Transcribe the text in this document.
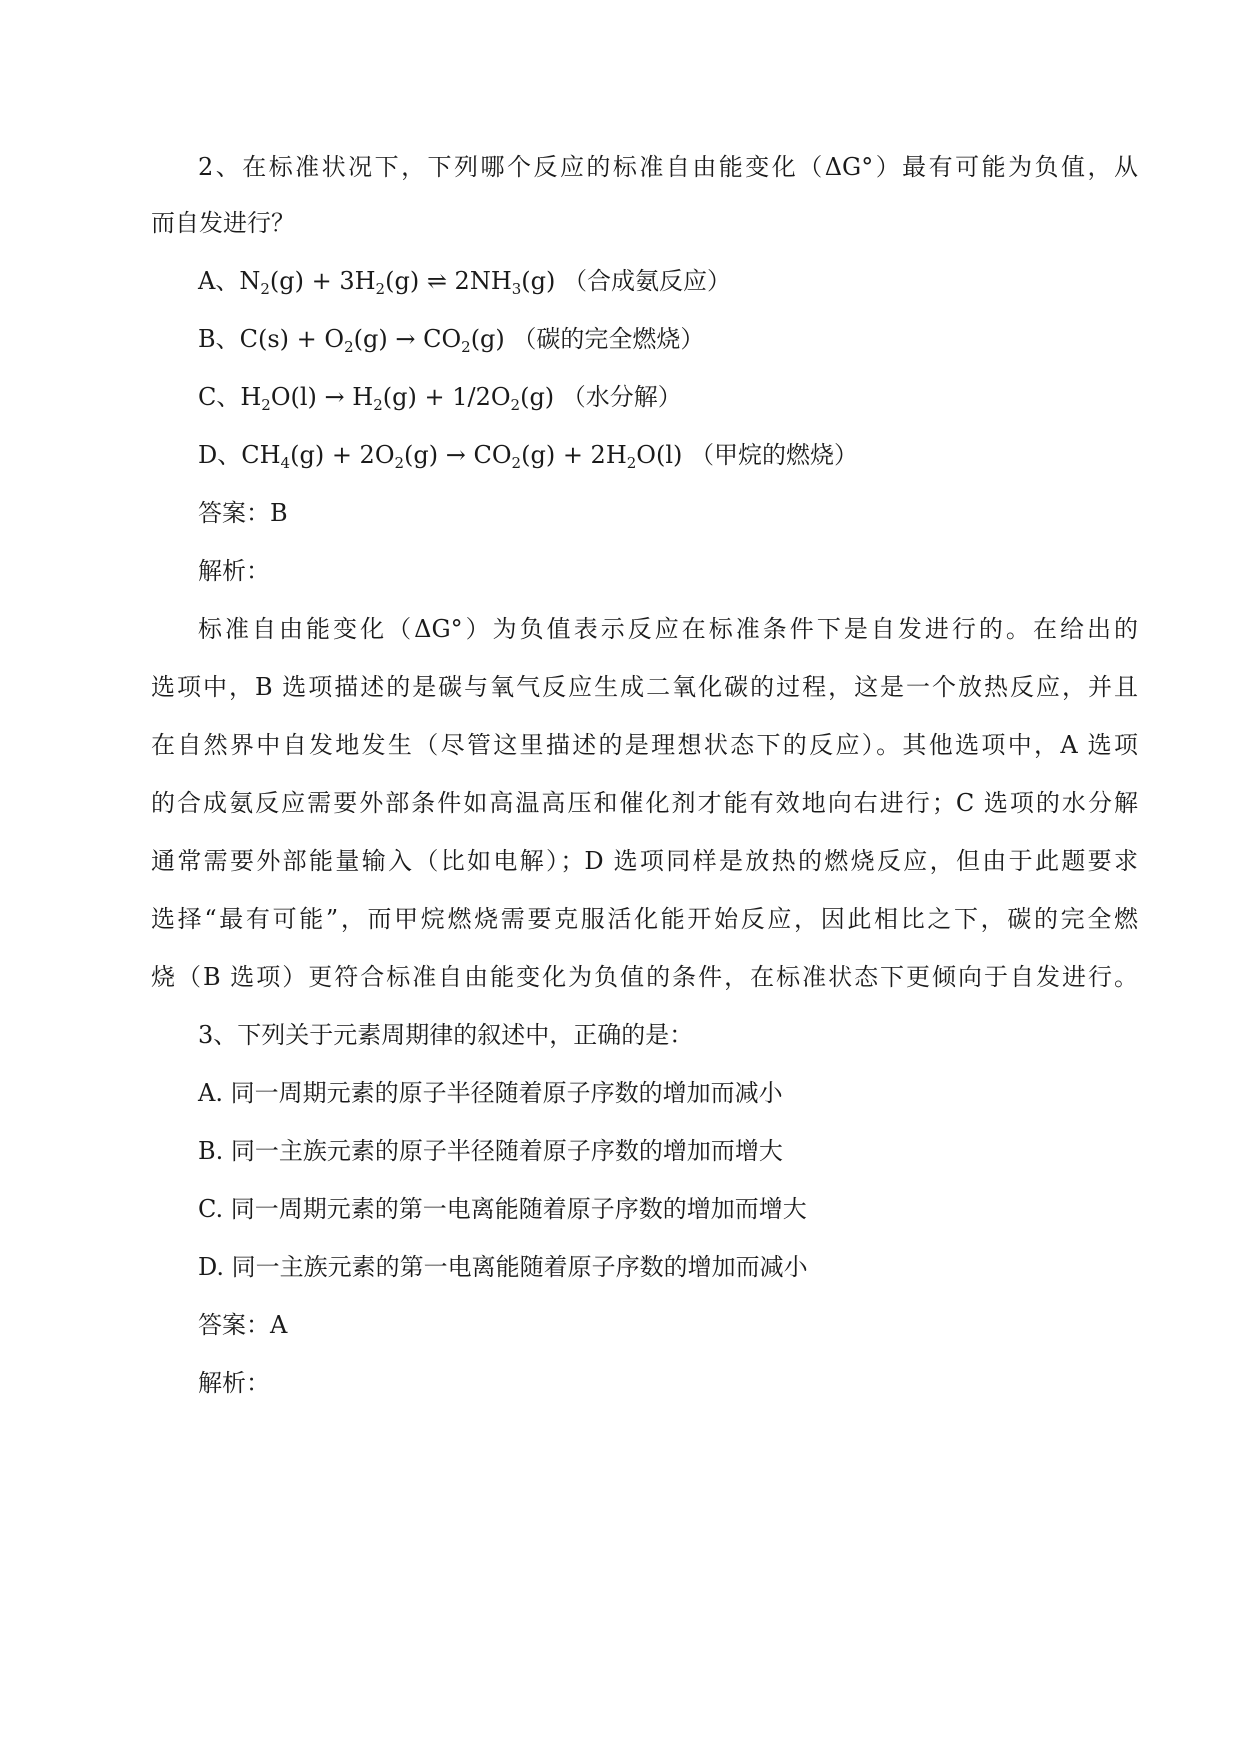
2、在标准状况下，下列哪个反应的标准自由能变化（ΔG°）最有可能为负值，从
而自发进行？
A、$N_2(g) + 3H_2(g)$ ⇌ $2NH_3(g)$ （合成氨反应）
B、$C(s) + O_2(g) \to CO_2(g)$ （碳的完全燃烧）
C、$H_2O(l) \to H_2(g) + 1/2O_2(g)$ （水分解）
D、$CH_4(g) + 2O_2(g) \to CO_2(g) + 2H_2O(l)$ （甲烷的燃烧）
答案：B
解析：
标准自由能变化（ΔG°）为负值表示反应在标准条件下是自发进行的。在给出的
选项中，B 选项描述的是碳与氧气反应生成二氧化碳的过程，这是一个放热反应，并且
在自然界中自发地发生（尽管这里描述的是理想状态下的反应）。其他选项中，A 选项
的合成氨反应需要外部条件如高温高压和催化剂才能有效地向右进行；C 选项的水分解
通常需要外部能量输入（比如电解）；D 选项同样是放热的燃烧反应，但由于此题要求
选择“最有可能”，而甲烷燃烧需要克服活化能开始反应，因此相比之下，碳的完全燃
烧（B 选项）更符合标准自由能变化为负值的条件，在标准状态下更倾向于自发进行。
3、下列关于元素周期律的叙述中，正确的是：
A. 同一周期元素的原子半径随着原子序数的增加而减小
B. 同一主族元素的原子半径随着原子序数的增加而增大
C. 同一周期元素的第一电离能随着原子序数的增加而增大
D. 同一主族元素的第一电离能随着原子序数的增加而减小
答案：A
解析：
